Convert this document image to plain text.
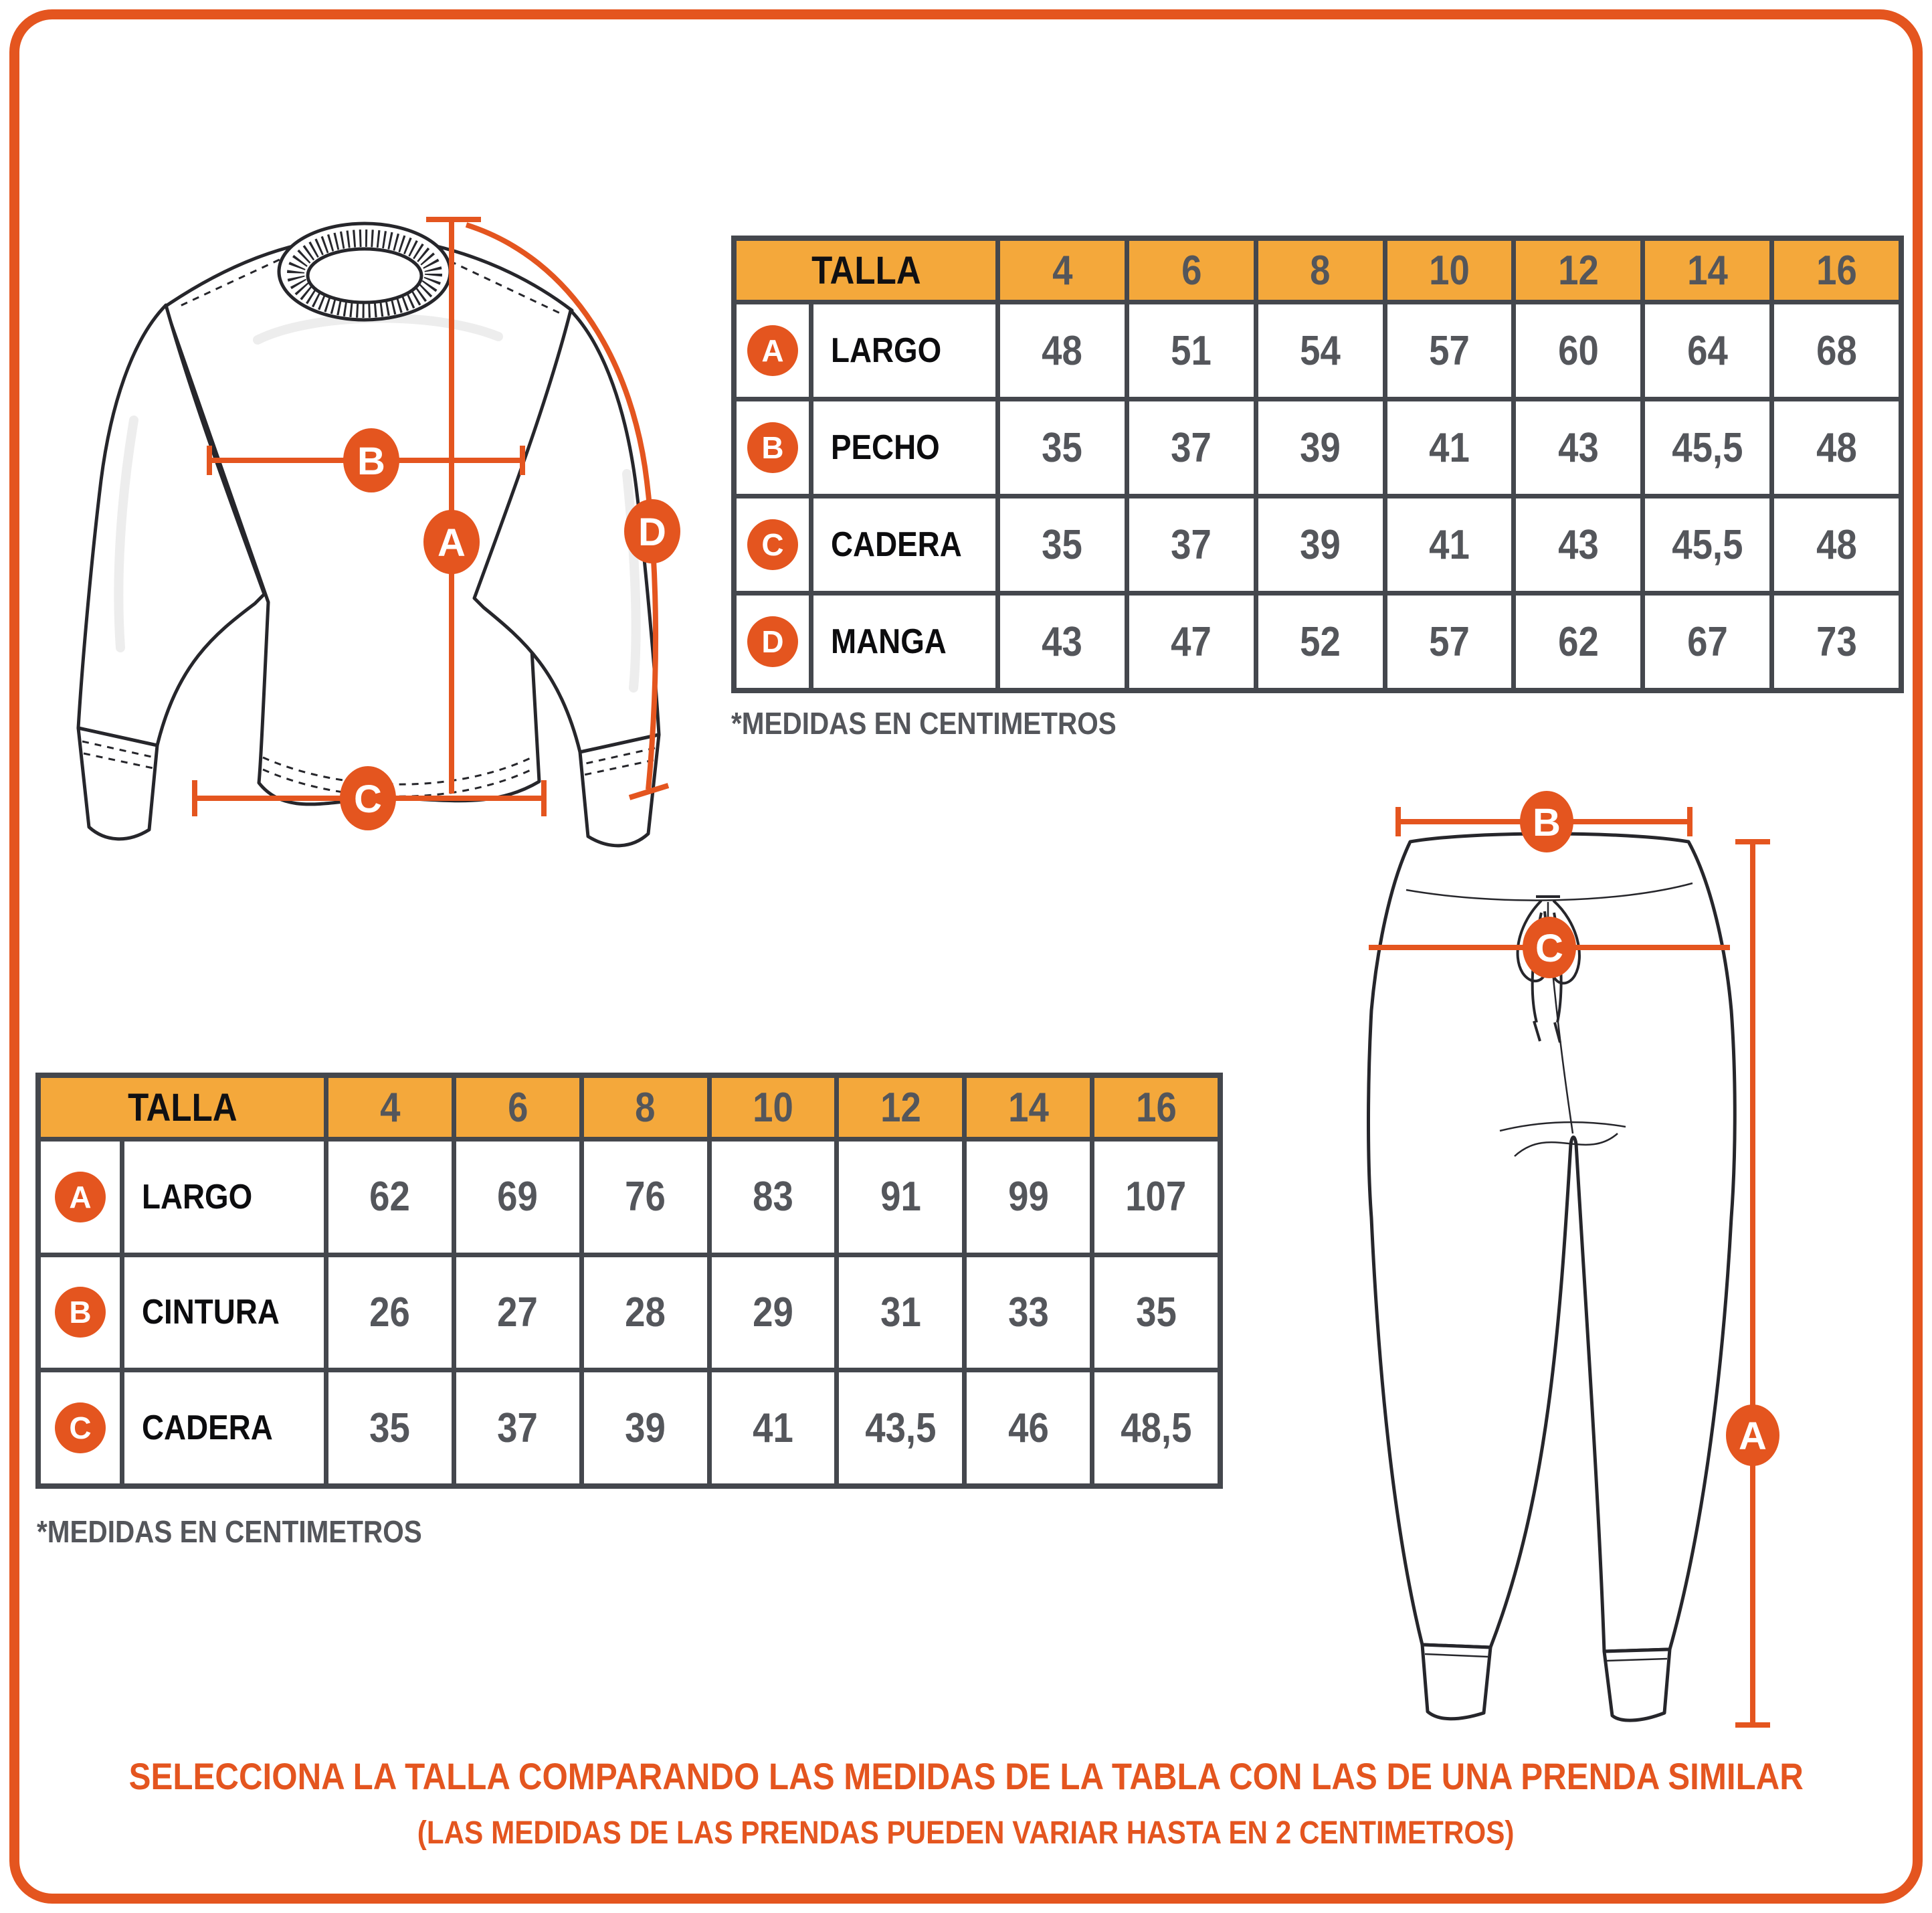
B
A
C
D
TALLA	4	6	8 10 12 14 16
A	LARGO 48 51 54 57 60 64 68
B	PECHO 35 37 39 41 43 45,5 48
C	CADERA 35 37 39 41 43 45,5 48
D	MANGA 43 47 52 57 62 67 73
*MEDIDAS EN CENTIMETROS
TALLA	4	6	8 10 12 14 16
A	LARGO	62 69 76 83 91 99 107
B	CINTURA 26 27 28 29 31 33 35
C	CADERA 35 37 39 41 43,5 46 48,5
*MEDIDAS EN CENTIMETROS
B
C
A
SELECCIONA LA TALLA COMPARANDO LAS MEDIDAS DE LA TABLA CON LAS DE UNA PRENDA SIMILAR
(LAS MEDIDAS DE LAS PRENDAS PUEDEN VARIAR HASTA EN 2 CENTIMETROS)
